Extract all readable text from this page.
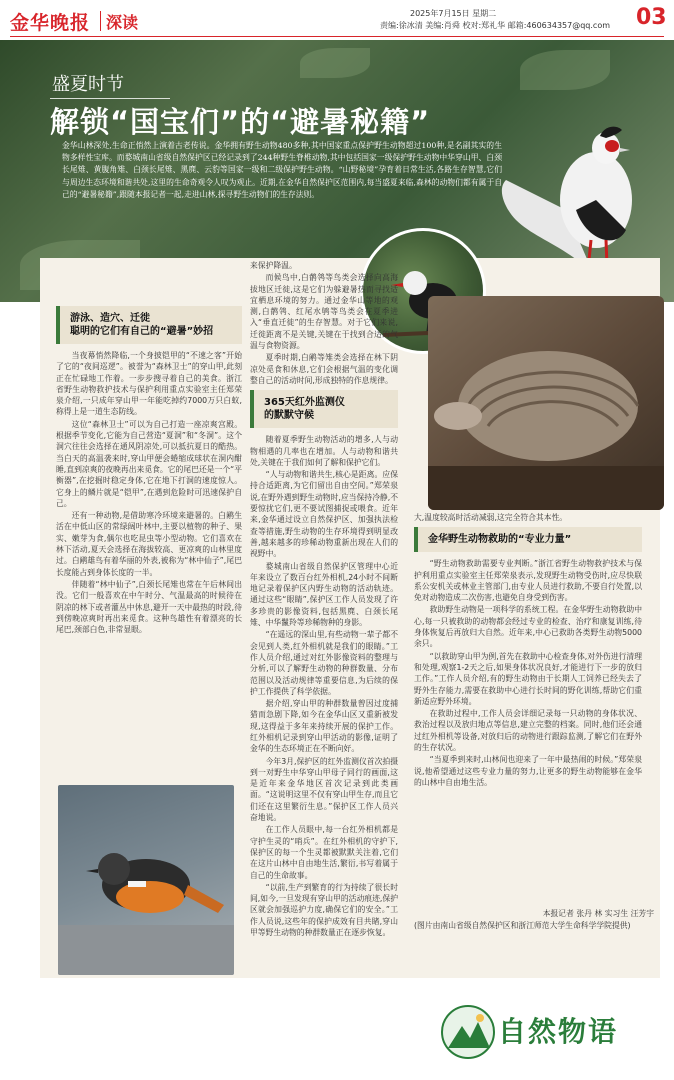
金华晚报 深读	2025年7月15日 星期二
责编:徐冰清 美编:肖舜 校对:郑礼华 邮箱:460634357@qq.com 03
盛夏时节
解锁“国宝们”的“避暑秘籍”
金华山林深处,生命正悄然上演着古老传说。金华拥有野生动物480多种,其中国家重点保护野生动物超过100种,是名副其实的生物多样性宝库。而婺城南山省级自然保护区已经记录到了244种野生脊椎动物,其中包括国家一级保护野生动物中华穿山甲、白颈长尾雉、黄腹角雉、白颈长尾雉、黑麂、云豹等国家一级和二级保护野生动物。“山野秘境”孕育着日常生活,各路生存智慧,它们与周边生态环境和谐共处,这里的生命奇观令人叹为观止。近期,在金华自然保护区范围内,每当盛夏来临,森林的动物们都有属于自己的“避暑秘籍”,跟随本报记者一起,走进山林,探寻野生动物们的生存法则。
游泳、造穴、迁徙
聪明的它们有自己的“避暑”妙招

当夜幕悄然降临,一个身披铠甲的“不速之客”开始了它的“夜间巡逻”。被誉为“森林卫士”的穿山甲,此刻正在忙碌地工作着。一步步搜寻着自己的美食。浙江省野生动物救护技术与保护利用重点实验室主任郑荣泉介绍,一只成年穿山甲一年能吃掉约7000万只白蚁,称得上是一道生态防线。

这位“森林卫士”可以为自己打造一座凉爽宫殿。根据季节变化,它能为自己营造“夏洞”和“冬洞”。这个洞穴往往会选择在通风阴凉处,可以抵抗夏日的酷热。当白天的高温袭来时,穿山甲便会蜷缩成球状在洞内酣睡,直到凉爽的夜晚再出来觅食。它的尾巴还是一个“平衡器”,在挖掘时稳定身体,它在地下打洞的速度惊人。它身上的鳞片就是“铠甲”,在遇到危险时可迅速保护自己。

还有一种动物,是借助寒冷环境来避暑的。白鹇生活在中低山区的常绿阔叶林中,主要以植物的种子、果实、嫩芽为食,偶尔也吃昆虫等小型动物。它们喜欢在林下活动,夏天会选择在海拔较高、更凉爽的山林里度过。白鹇雄鸟有着华丽的外表,被称为“林中仙子”,尾巴长度能占到身体长度的一半。

伴随着“林中仙子”,白颈长尾雉也常在午后林间出没。它们一般喜欢在中午时分、气温最高的时候待在阴凉的林下或者灌丛中休息,避开一天中最热的时段,待到傍晚凉爽时再出来觅食。这种鸟雄性有着漂亮的长尾巴,颈部白色,非常显眼。

来保护降温。

而候鸟中,白鹡鸰等鸟类会选择向高海拔地区迁徙,这是它们为躲避暑热而寻找适宜栖息环境的努力。通过金华山等地的观测,白鹡鸰、红尾水鸲等鸟类会在夏季进入“垂直迁徙”的生存智慧。对于它们来说,迁徙距离不是关键,关键在于找到合适的气温与食物资源。

夏季时期,白鹇等雉类会选择在林下阴凉处觅食和休息,它们会根据气温的变化调整自己的活动时间,形成独特的作息规律。

365天红外监测仪
的默默守候

随着夏季野生动物活动的增多,人与动物相遇的几率也在增加。人与动物和谐共处,关键在于我们如何了解和保护它们。

“人与动物和谐共生,核心是距离。应保持合适距离,为它们留出自由空间。”郑荣泉说,在野外遇到野生动物时,应当保持冷静,不要惊扰它们,更不要试图捕捉或喂食。近年来,金华通过设立自然保护区、加强执法检查等措施,野生动物的生存环境得到明显改善,越来越多的珍稀动物重新出现在人们的视野中。

婺城南山省级自然保护区管理中心近年来设立了数百台红外相机,24小时不间断地记录着保护区内野生动物的活动轨迹。通过这些“眼睛”,保护区工作人员发现了许多珍贵的影像资料,包括黑麂、白颈长尾雉、中华鬣羚等珍稀物种的身影。

“在遥远的深山里,有些动物一辈子都不会见到人类,红外相机就是我们的眼睛。”工作人员介绍,通过对红外影像资料的整理与分析,可以了解野生动物的种群数量、分布范围以及活动规律等重要信息,为后续的保护工作提供了科学依据。

据介绍,穿山甲的种群数量曾因过度捕猎而急剧下降,如今在金华山区又重新被发现,这得益于多年来持续开展的保护工作。红外相机记录到穿山甲活动的影像,证明了金华的生态环境正在不断向好。

今年3月,保护区的红外监测仪首次拍摄到一对野生中华穿山甲母子同行的画面,这是近年来金华地区首次记录到此类画面。“这说明这里不仅有穿山甲生存,而且它们还在这里繁衍生息。”保护区工作人员兴奋地说。

在工作人员眼中,每一台红外相机都是守护生灵的“哨兵”。在红外相机的守护下,保护区的每一个生灵都被默默关注着,它们在这片山林中自由地生活,繁衍,书写着属于自己的生命故事。

“以前,生产到繁育的行为持续了很长时间,如今,一旦发现有穿山甲的活动痕迹,保护区就会加强巡护力度,确保它们的安全。”工作人员说,这些年的保护成效有目共睹,穿山甲等野生动物的种群数量正在逐步恢复。

大,温度较高时活动减弱,这完全符合其本性。

金华野生动物救助的“专业力量”

“野生动物救助需要专业判断。”浙江省野生动物救护技术与保护利用重点实验室主任郑荣泉表示,发现野生动物受伤时,应尽快联系公安机关或林业主管部门,由专业人员进行救助,不要自行处置,以免对动物造成二次伤害,也避免自身受到伤害。

救助野生动物是一项科学的系统工程。在金华野生动物救助中心,每一只被救助的动物都会经过专业的检查、治疗和康复训练,待身体恢复后再放归大自然。近年来,中心已救助各类野生动物5000余只。

“以救助穿山甲为例,首先在救助中心检查身体,对外伤进行清理和处理,观察1-2天之后,如果身体状况良好,才能进行下一步的放归工作。”工作人员介绍,有的野生动物由于长期人工饲养已经失去了野外生存能力,需要在救助中心进行长时间的野化训练,帮助它们重新适应野外环境。

在救助过程中,工作人员会详细记录每一只动物的身体状况、救治过程以及放归地点等信息,建立完整的档案。同时,他们还会通过红外相机等设备,对放归后的动物进行跟踪监测,了解它们在野外的生存状况。

“当夏季到来时,山林间也迎来了一年中最热闹的时候。”郑荣泉说,他希望通过这些专业力量的努力,让更多的野生动物能够在金华的山林中自由地生活。

本报记者 张丹 林 实习生 汪芳宇
(图片由南山省级自然保护区和浙江师范大学生命科学学院提供)
自然物语
